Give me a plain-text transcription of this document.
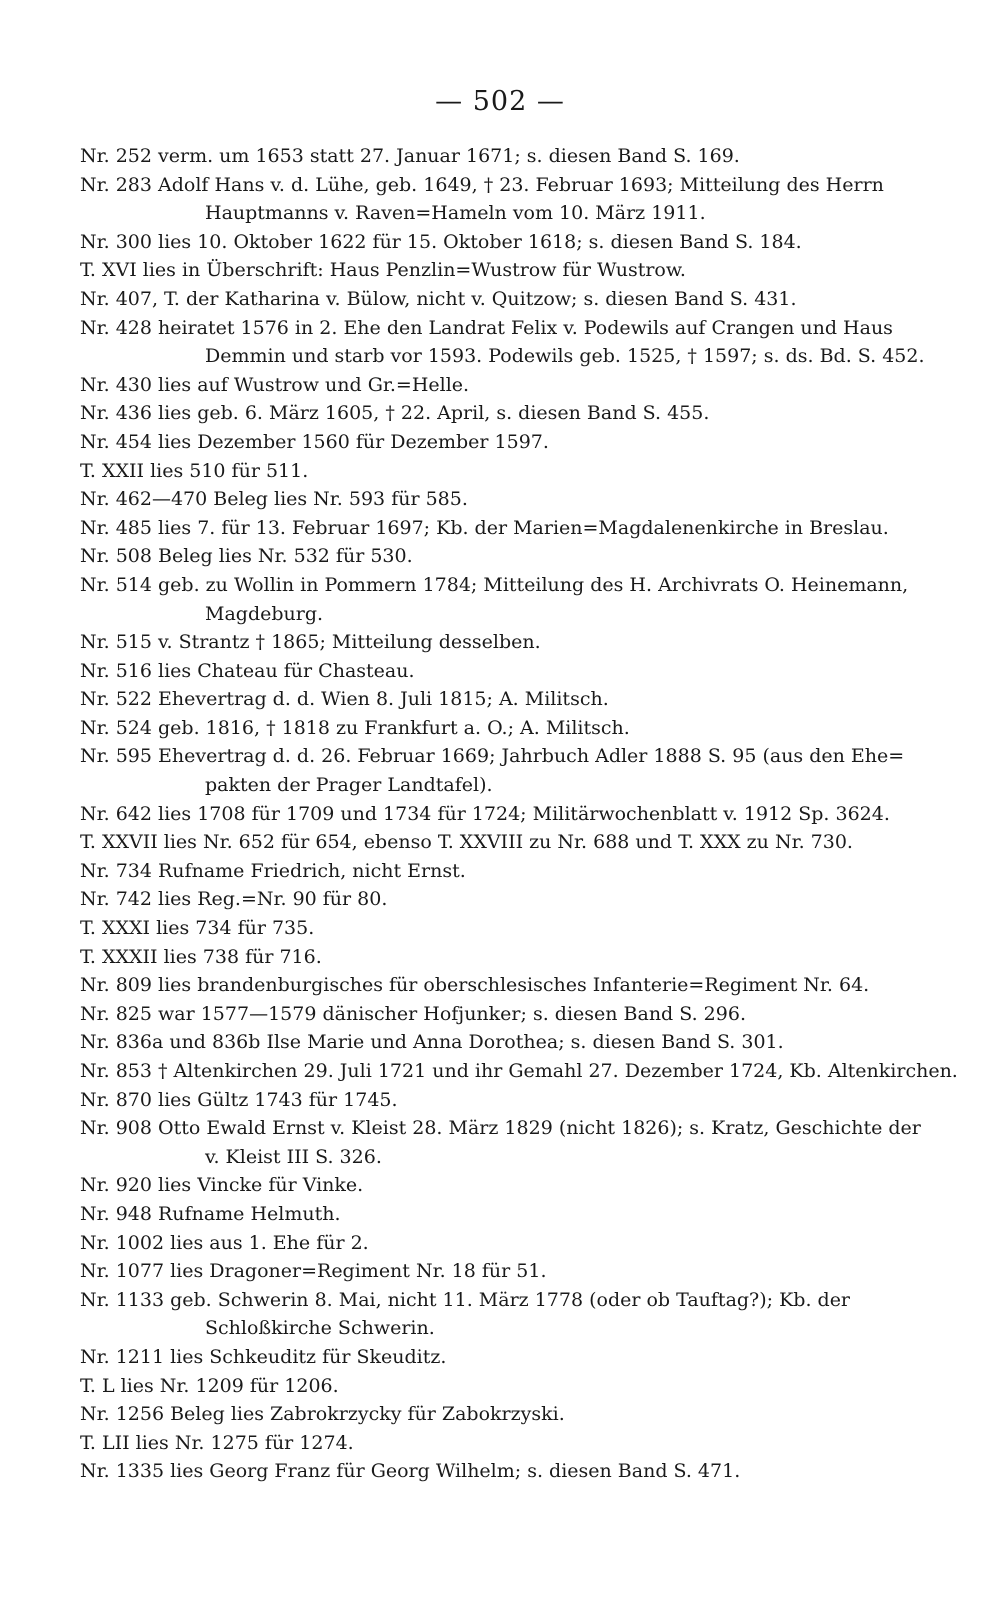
— 502 —
Nr. 252 verm. um 1653 statt 27. Januar 1671; s. diesen Band S. 169.
Nr. 283 Adolf Hans v. d. Lühe, geb. 1649, † 23. Februar 1693; Mitteilung des Herrn
Hauptmanns v. Raven=Hameln vom 10. März 1911.
Nr. 300 lies 10. Oktober 1622 für 15. Oktober 1618; s. diesen Band S. 184.
T. XVI lies in Überschrift: Haus Penzlin=Wustrow für Wustrow.
Nr. 407, T. der Katharina v. Bülow, nicht v. Quitzow; s. diesen Band S. 431.
Nr. 428 heiratet 1576 in 2. Ehe den Landrat Felix v. Podewils auf Crangen und Haus
Demmin und starb vor 1593. Podewils geb. 1525, † 1597; s. ds. Bd. S. 452.
Nr. 430 lies auf Wustrow und Gr.=Helle.
Nr. 436 lies geb. 6. März 1605, † 22. April, s. diesen Band S. 455.
Nr. 454 lies Dezember 1560 für Dezember 1597.
T. XXII lies 510 für 511.
Nr. 462—470 Beleg lies Nr. 593 für 585.
Nr. 485 lies 7. für 13. Februar 1697; Kb. der Marien=Magdalenenkirche in Breslau.
Nr. 508 Beleg lies Nr. 532 für 530.
Nr. 514 geb. zu Wollin in Pommern 1784; Mitteilung des H. Archivrats O. Heinemann,
Magdeburg.
Nr. 515 v. Strantz † 1865; Mitteilung desselben.
Nr. 516 lies Chateau für Chasteau.
Nr. 522 Ehevertrag d. d. Wien 8. Juli 1815; A. Militsch.
Nr. 524 geb. 1816, † 1818 zu Frankfurt a. O.; A. Militsch.
Nr. 595 Ehevertrag d. d. 26. Februar 1669; Jahrbuch Adler 1888 S. 95 (aus den Ehe=
pakten der Prager Landtafel).
Nr. 642 lies 1708 für 1709 und 1734 für 1724; Militärwochenblatt v. 1912 Sp. 3624.
T. XXVII lies Nr. 652 für 654, ebenso T. XXVIII zu Nr. 688 und T. XXX zu Nr. 730.
Nr. 734 Rufname Friedrich, nicht Ernst.
Nr. 742 lies Reg.=Nr. 90 für 80.
T. XXXI lies 734 für 735.
T. XXXII lies 738 für 716.
Nr. 809 lies brandenburgisches für oberschlesisches Infanterie=Regiment Nr. 64.
Nr. 825 war 1577—1579 dänischer Hofjunker; s. diesen Band S. 296.
Nr. 836a und 836b Ilse Marie und Anna Dorothea; s. diesen Band S. 301.
Nr. 853 † Altenkirchen 29. Juli 1721 und ihr Gemahl 27. Dezember 1724, Kb. Altenkirchen.
Nr. 870 lies Gültz 1743 für 1745.
Nr. 908 Otto Ewald Ernst v. Kleist 28. März 1829 (nicht 1826); s. Kratz, Geschichte der
v. Kleist III S. 326.
Nr. 920 lies Vincke für Vinke.
Nr. 948 Rufname Helmuth.
Nr. 1002 lies aus 1. Ehe für 2.
Nr. 1077 lies Dragoner=Regiment Nr. 18 für 51.
Nr. 1133 geb. Schwerin 8. Mai, nicht 11. März 1778 (oder ob Tauftag?); Kb. der
Schloßkirche Schwerin.
Nr. 1211 lies Schkeuditz für Skeuditz.
T. L lies Nr. 1209 für 1206.
Nr. 1256 Beleg lies Zabrokrzycky für Zabokrzyski.
T. LII lies Nr. 1275 für 1274.
Nr. 1335 lies Georg Franz für Georg Wilhelm; s. diesen Band S. 471.
